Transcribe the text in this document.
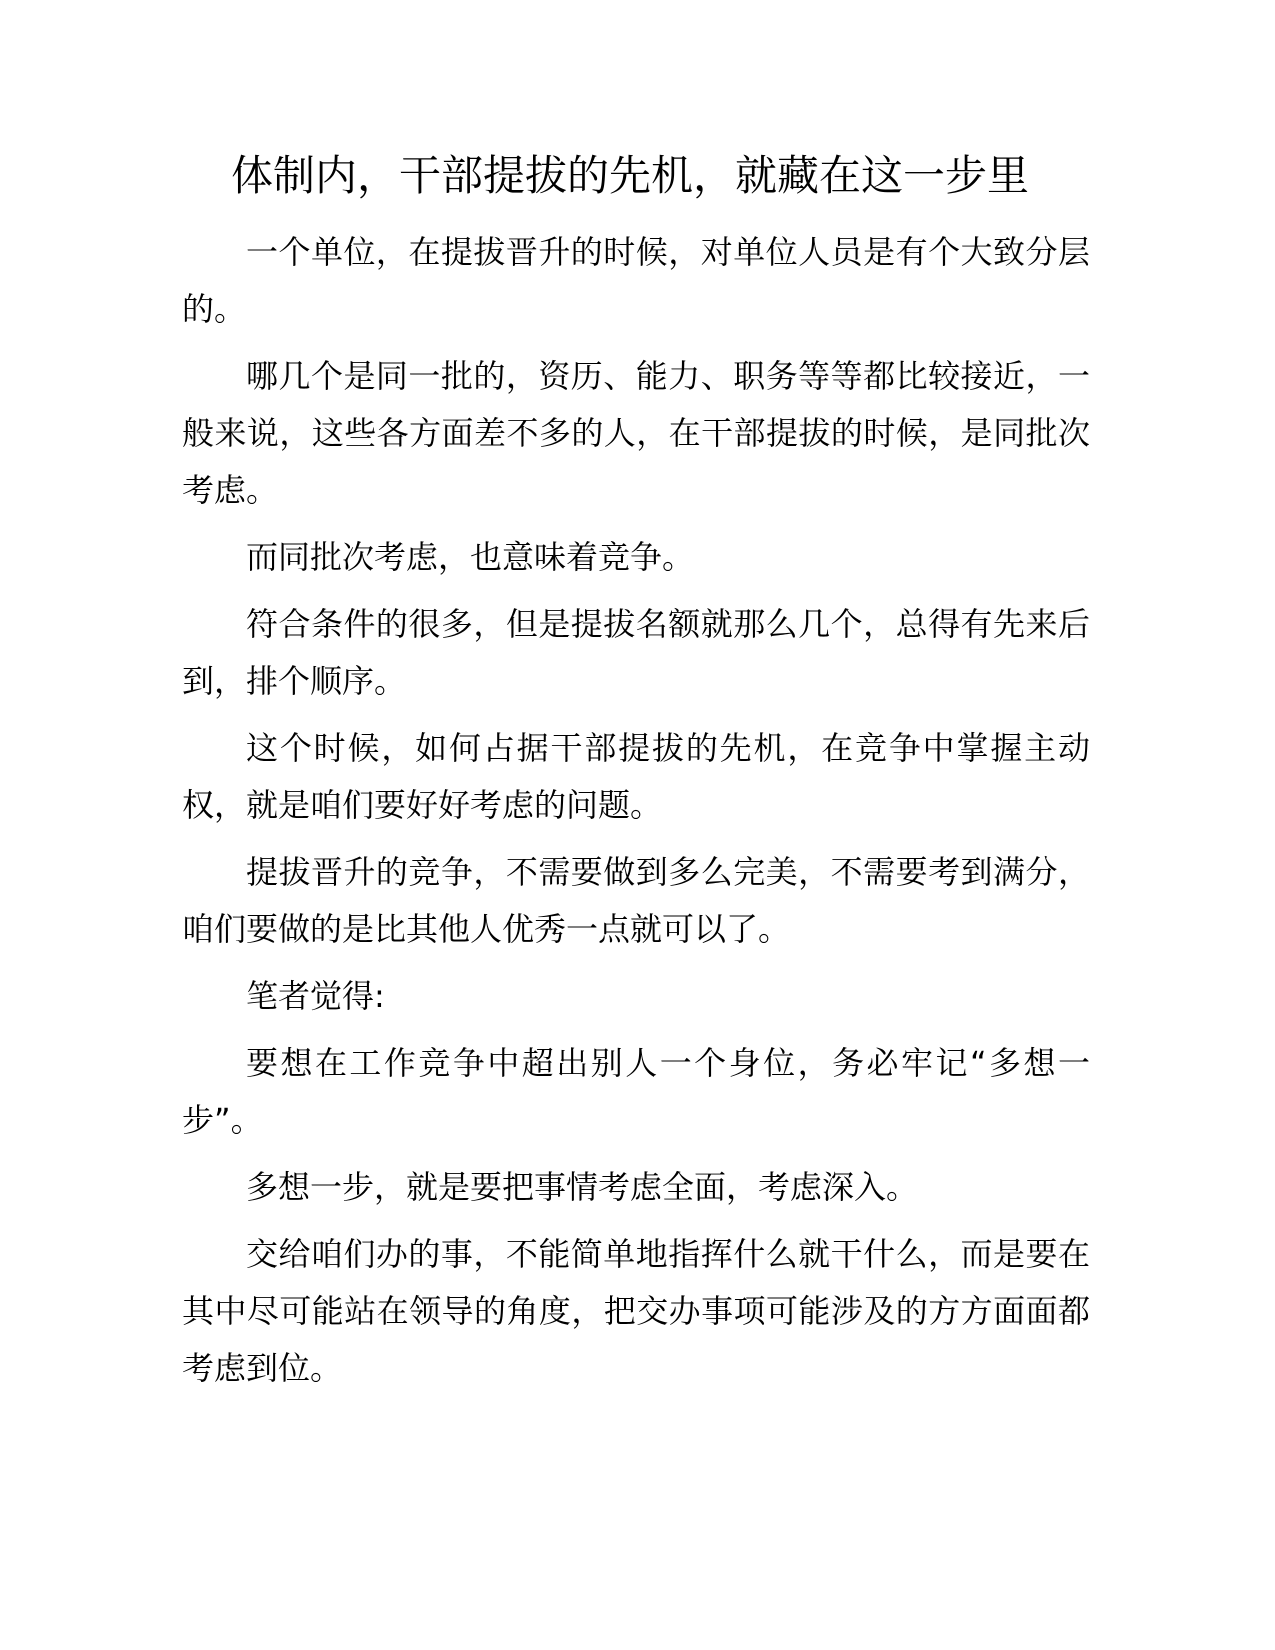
体制内，干部提拔的先机，就藏在这一步里

一个单位，在提拔晋升的时候，对单位人员是有个大致分层的。

哪几个是同一批的，资历、能力、职务等等都比较接近，一般来说，这些各方面差不多的人，在干部提拔的时候，是同批次考虑。

而同批次考虑，也意味着竞争。

符合条件的很多，但是提拔名额就那么几个，总得有先来后到，排个顺序。

这个时候，如何占据干部提拔的先机，在竞争中掌握主动权，就是咱们要好好考虑的问题。

提拔晋升的竞争，不需要做到多么完美，不需要考到满分，咱们要做的是比其他人优秀一点就可以了。

笔者觉得:

要想在工作竞争中超出别人一个身位，务必牢记“多想一步”。

多想一步，就是要把事情考虑全面，考虑深入。

交给咱们办的事，不能简单地指挥什么就干什么，而是要在其中尽可能站在领导的角度，把交办事项可能涉及的方方面面都考虑到位。
